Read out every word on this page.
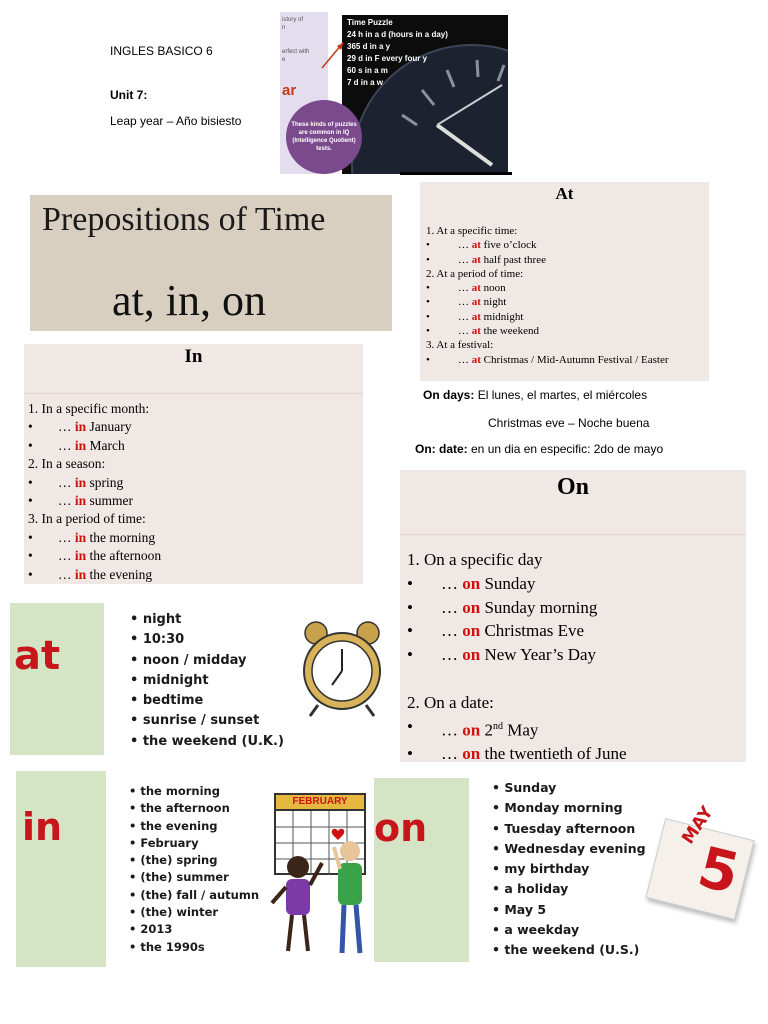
INGLES BASICO 6
Unit 7:
Leap year – Año bisiesto
istory of
n

erfect with
e
ar
Time Puzzle
24 h in a d (hours in a day)
365 d in a y
29 d in F every four y
60 s in a m
7 d in a w
These kinds of puzzles are common in IQ (Intelligence Quotient) tests.
Prepositions of Time
at, in, on
At
1. At a specific time:
•	… at five o’clock
•	… at half past three
2. At a period of time:
•	… at noon
•	… at night
•	… at midnight
•	… at the weekend
3. At a festival:
•	… at Christmas / Mid-Autumn Festival / Easter
In
1. In a specific month:
• … in January
• … in March
2. In a season:
• … in spring
• … in summer
3. In a period of time:
• … in the morning
• … in the afternoon
• … in the evening
On days: El lunes, el martes, el miércoles
Christmas eve – Noche buena
On: date: en un dia en especific: 2do de mayo
On
1. On a specific day
• … on Sunday
• … on Sunday morning
• … on Christmas Eve
• … on New Year’s Day

2. On a date:
• … on 2nd May
• … on the twentieth of June
at
• night
• 10:30
• noon / midday
• midnight
• bedtime
• sunrise / sunset
• the weekend (U.K.)
in
• the morning
• the afternoon
• the evening
• February
• (the) spring
• (the) summer
• (the) fall / autumn
• (the) winter
• 2013
• the 1990s
FEBRUARY
on
• Sunday
• Monday morning
• Tuesday afternoon
• Wednesday evening
• my birthday
• a holiday
• May 5
• a weekday
• the weekend (U.S.)
MAY
5
